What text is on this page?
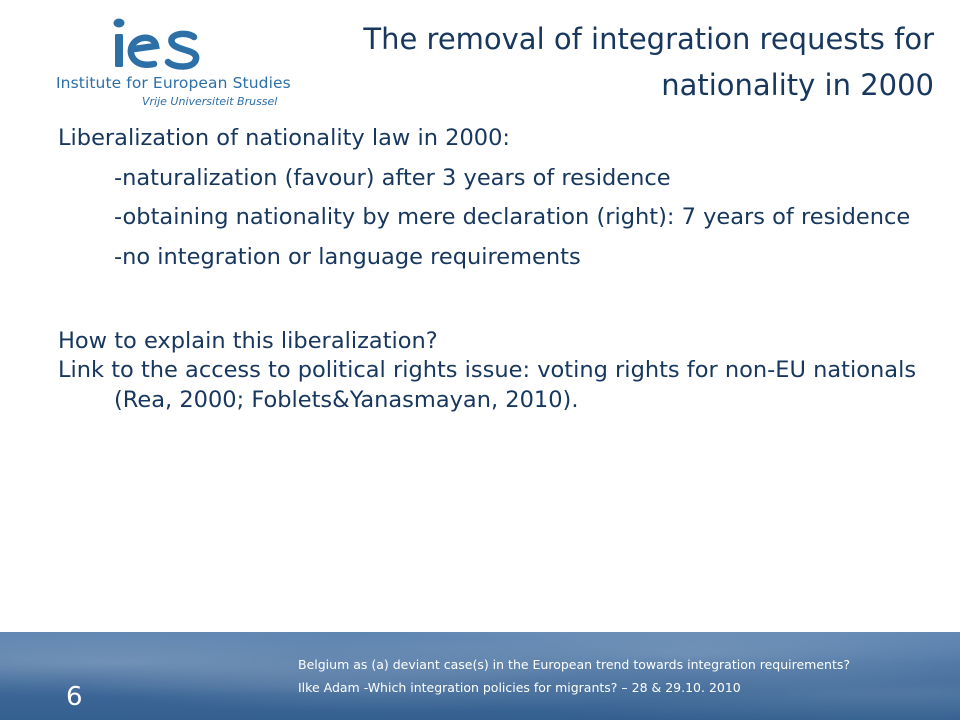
Institute for European Studies
Vrije Universiteit Brussel
The removal of integration requests for nationality in 2000

Liberalization of nationality law in 2000:

-naturalization (favour) after 3 years of residence

-obtaining nationality by mere declaration (right): 7 years of residence

-no integration or language requirements

How to explain this liberalization?

Link to the access to political rights issue: voting rights for non-EU nationals (Rea, 2000; Foblets&Yanasmayan, 2010).

6
Belgium as (a) deviant case(s) in the European trend towards integration requirements?
Ilke Adam -Which integration policies for migrants? – 28 & 29.10. 2010
